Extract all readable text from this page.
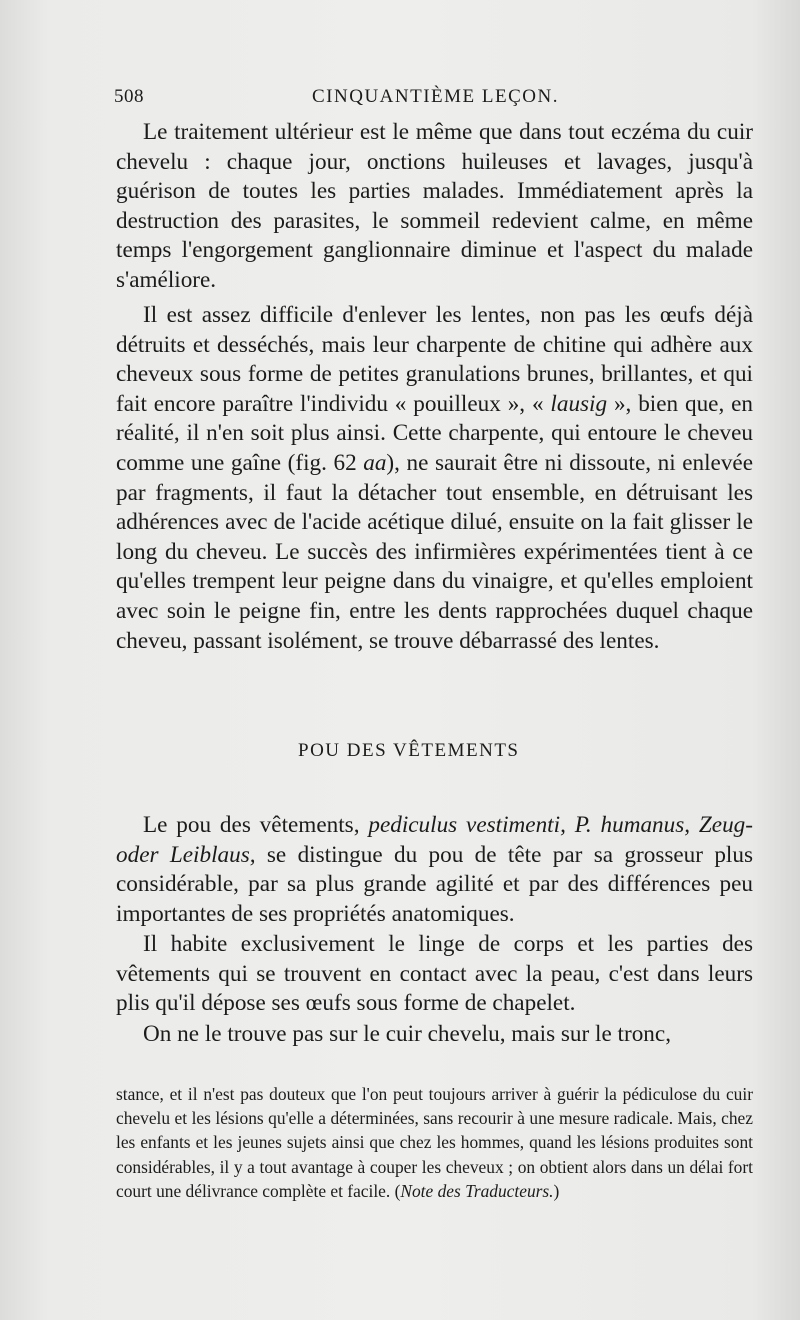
508	CINQUANTIÈME LEÇON.

Le traitement ultérieur est le même que dans tout eczéma du cuir chevelu : chaque jour, onctions huileuses et lavages, jusqu'à guérison de toutes les parties malades. Immédiatement après la destruction des parasites, le sommeil redevient calme, en même temps l'engorgement ganglionnaire diminue et l'aspect du malade s'améliore.

Il est assez difficile d'enlever les lentes, non pas les œufs déjà détruits et desséchés, mais leur charpente de chitine qui adhère aux cheveux sous forme de petites granulations brunes, brillantes, et qui fait encore paraître l'individu « pouilleux », « lausig », bien que, en réalité, il n'en soit plus ainsi. Cette charpente, qui entoure le cheveu comme une gaîne (fig. 62 aa), ne saurait être ni dissoute, ni enlevée par fragments, il faut la détacher tout ensemble, en détruisant les adhérences avec de l'acide acétique dilué, ensuite on la fait glisser le long du cheveu. Le succès des infirmières expérimentées tient à ce qu'elles trempent leur peigne dans du vinaigre, et qu'elles emploient avec soin le peigne fin, entre les dents rapprochées duquel chaque cheveu, passant isolément, se trouve débarrassé des lentes.

POU DES VÊTEMENTS

Le pou des vêtements, pediculus vestimenti, P. humanus, Zeug-oder Leiblaus, se distingue du pou de tête par sa grosseur plus considérable, par sa plus grande agilité et par des différences peu importantes de ses propriétés anatomiques.

Il habite exclusivement le linge de corps et les parties des vêtements qui se trouvent en contact avec la peau, c'est dans leurs plis qu'il dépose ses œufs sous forme de chapelet.

On ne le trouve pas sur le cuir chevelu, mais sur le tronc,

stance, et il n'est pas douteux que l'on peut toujours arriver à guérir la pédiculose du cuir chevelu et les lésions qu'elle a déterminées, sans recourir à une mesure radicale. Mais, chez les enfants et les jeunes sujets ainsi que chez les hommes, quand les lésions produites sont considérables, il y a tout avantage à couper les cheveux ; on obtient alors dans un délai fort court une délivrance complète et facile. (Note des Traducteurs.)
